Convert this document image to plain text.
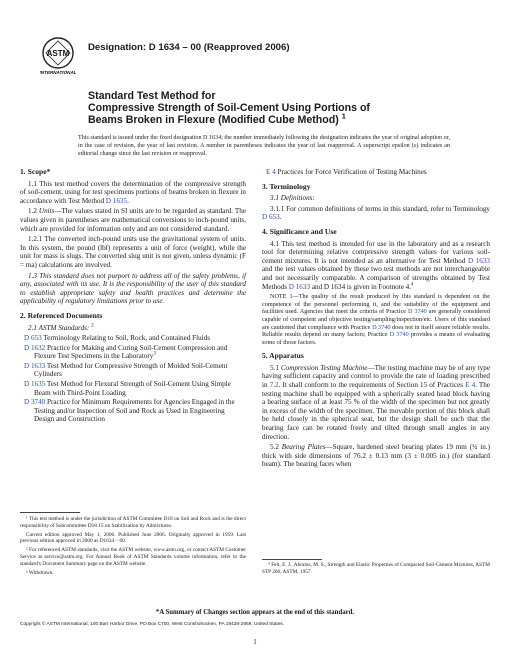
ASTM
INTERNATIONAL
Designation: D 1634 – 00 (Reapproved 2006)
Standard Test Method for
Compressive Strength of Soil-Cement Using Portions of
Beams Broken in Flexure (Modified Cube Method) $^1$
This standard is issued under the fixed designation D 1634; the number immediately following the designation indicates the year of original adoption or, in the case of revision, the year of last revision. A number in parentheses indicates the year of last reapproval. A superscript epsilon (ε) indicates an editorial change since the last revision or reapproval.
1. Scope*

1.1 This test method covers the determination of the compressive strength of soil-cement, using for test specimens portions of beams broken in flexure in accordance with Test Method D 1635.

1.2 Units—The values stated in SI units are to be regarded as standard. The values given in parentheses are mathematical conversions to inch-pound units, which are provided for information only and are not considered standard.

1.2.1 The converted inch-pound units use the gravitational system of units. In this system, the pound (lbf) represents a unit of force (weight), while the unit for mass is slugs. The converted slug unit is not given, unless dynamic (F = ma) calculations are involved.

1.3 This standard does not purport to address all of the safety problems, if any, associated with its use. It is the responsibility of the user of this standard to establish appropriate safety and health practices and determine the applicability of regulatory limitations prior to use.

2. Referenced Documents

2.1 ASTM Standards: $^2$

D 653 Terminology Relating to Soil, Rock, and Contained Fluids
D 1632 Practice for Making and Curing Soil-Cement Compression and Flexure Test Specimens in the Laboratory$^3$
D 1633 Test Method for Compressive Strength of Molded Soil-Cement Cylinders
D 1635 Test Method for Flexural Strength of Soil-Cement Using Simple Beam with Third-Point Loading
D 3740 Practice for Minimum Requirements for Agencies Engaged in the Testing and/or Inspection of Soil and Rock as Used in Engineering Design and Construction

¹ This test method is under the jurisdiction of ASTM Committee D18 on Soil and Rock and is the direct responsibility of Subcommittee D18.15 on Stabilization by Admixtures.

Current edition approved May 1, 2006. Published June 2006. Originally approved in 1959. Last previous edition approved in 2000 as D1634 – 00.

² For referenced ASTM standards, visit the ASTM website, www.astm.org, or contact ASTM Customer Service at service@astm.org. For Annual Book of ASTM Standards volume information, refer to the standard's Document Summary page on the ASTM website.

³ Withdrawn.

E 4 Practices for Force Verification of Testing Machines
3. Terminology

3.1 Definitions:

3.1.1 For common definitions of terms in this standard, refer to Terminology D 653.

4. Significance and Use

4.1 This test method is intended for use in the laboratory and as a research tool for determining relative compressive strength values for various soil-cement mixtures. It is not intended as an alternative for Test Method D 1633 and the test values obtained by these two test methods are not interchangeable and not necessarily comparable. A comparison of strengths obtained by Test Methods D 1633 and D 1634 is given in Footnote 4.$^4$

NOTE 1—The quality of the result produced by this standard is dependent on the competence of the personnel performing it, and the suitability of the equipment and facilities used. Agencies that meet the criteria of Practice D 3740 are generally considered capable of competent and objective testing/sampling/inspection/etc. Users of this standard are cautioned that compliance with Practice D 3740 does not in itself assure reliable results. Reliable results depend on many factors; Practice D 3740 provides a means of evaluating some of those factors.

5. Apparatus

5.1 Compression Testing Machine—The testing machine may be of any type having sufficient capacity and control to provide the rate of loading prescribed in 7.2. It shall conform to the requirements of Section 15 of Practices E 4. The testing machine shall be equipped with a spherically seated head block having a bearing surface of at least 75 % of the width of the specimen but not greatly in excess of the width of the specimen. The movable portion of this block shall be held closely in the spherical seat, but the design shall be such that the bearing face can be rotated freely and tilted through small angles in any direction.

5.2 Bearing Plates—Square, hardened steel bearing plates 19 mm (¾ in.) thick with side dimensions of 76.2 ± 0.13 mm (3 ± 0.005 in.) (for standard beam). The bearing faces when

⁴ Felt, E. J., Abrams, M. S., Strength and Elastic Properties of Compacted Soil-Cement Mixtures, ASTM STP 206, ASTM, 1957.

*A Summary of Changes section appears at the end of this standard.
Copyright © ASTM International, 100 Barr Harbor Drive, PO Box C700, West Conshohocken, PA 19428-2959, United States.
1
